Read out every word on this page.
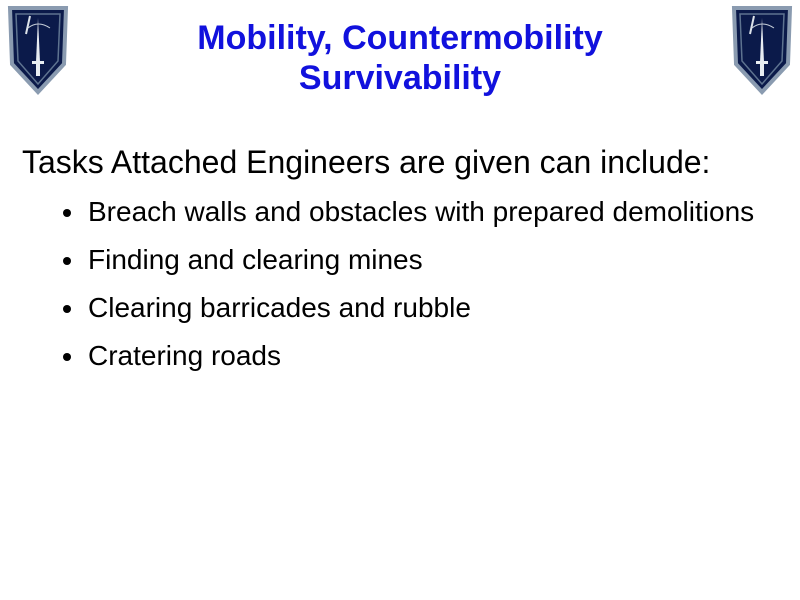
Mobility, Countermobility
Survivability

Tasks Attached Engineers are given can include:

Breach walls and obstacles with prepared demolitions
Finding and clearing mines
Clearing barricades and rubble
Cratering roads
